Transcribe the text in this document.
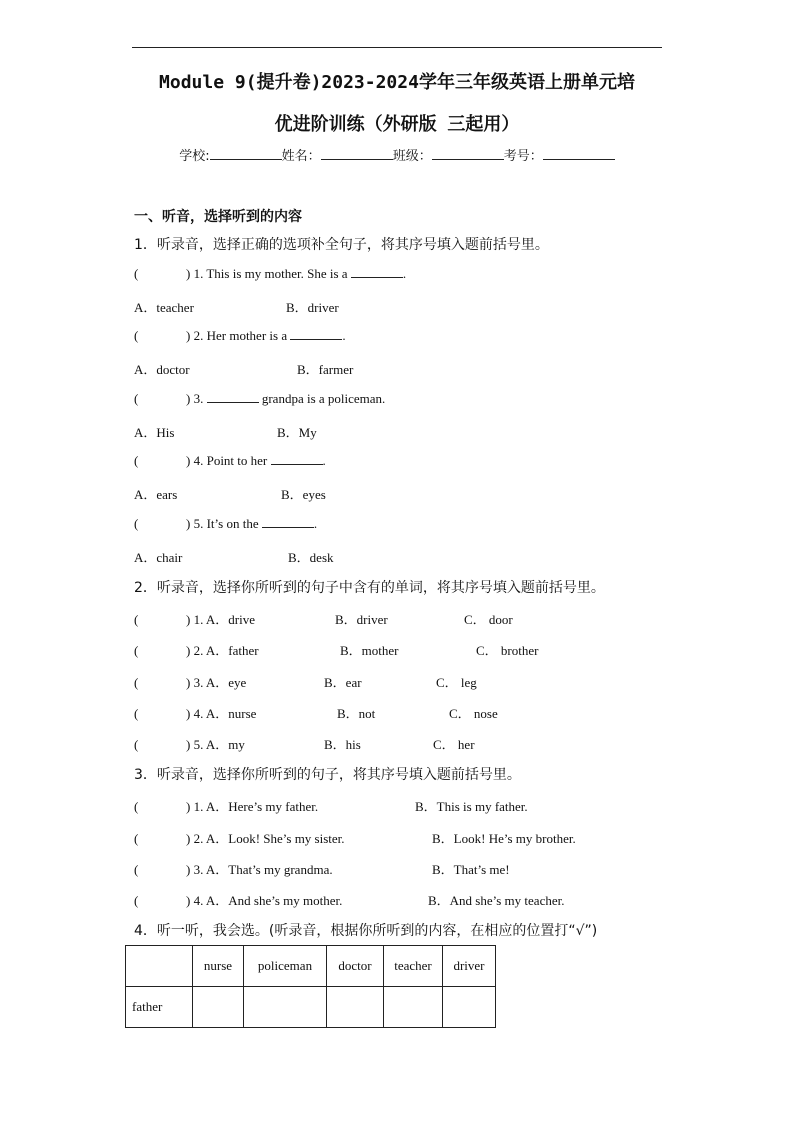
Module 9(提升卷)2023-2024学年三年级英语上册单元培
优进阶训练（外研版 三起用）
学校:	姓名：	班级：	考号：
一、听音，选择听到的内容
1．听录音，选择正确的选项补全句子，将其序号填入题前括号里。
(	) 1. This is my mother. She is a	.
A．teacher	B．driver
(	) 2. Her mother is a	.
A．doctor	B．farmer
(	) 3.	grandpa is a policeman.
A．His	B．My
(	) 4. Point to her	.
A．ears	B．eyes
(	) 5. It’s on the	.
A．chair	B．desk
2．听录音，选择你所听到的句子中含有的单词，将其序号填入题前括号里。
(	) 1. A．drive	B．driver	C． door
(	) 2. A．father	B．mother	C． brother
(	) 3. A．eye	B．ear	C． leg
(	) 4. A．nurse	B．not	C． nose
(	) 5. A．my	B．his	C． her
3．听录音，选择你所听到的句子，将其序号填入题前括号里。
(	) 1. A．Here’s my father.	B．This is my father.
(	) 2. A．Look! She’s my sister.	B．Look! He’s my brother.
(	) 3. A．That’s my grandma.	B．That’s me!
(	) 4. A．And she’s my mother.	B．And she’s my teacher.
4．听一听，我会选。(听录音，根据你所听到的内容，在相应的位置打“√”)
	nurse	policeman	doctor	teacher	driver
father					
